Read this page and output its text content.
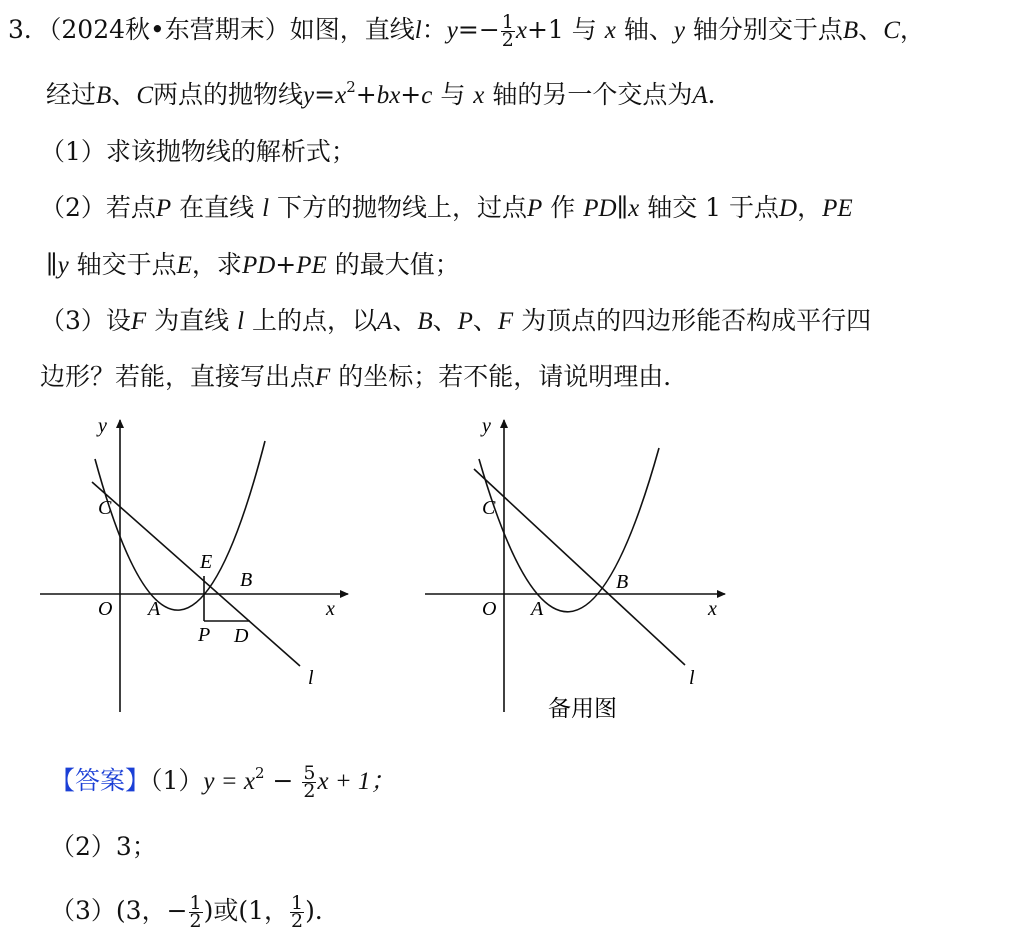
3．（2024秋•东营期末）如图，直线l：$y=- \frac{1}{2} x+1$ 与 x 轴、y 轴分别交于点B、C，
经过B、C两点的抛物线$y=x^2+bx+c$ 与 x 轴的另一个交点为A．
（1）求该抛物线的解析式；
（2）若点P 在直线 l 下方的抛物线上，过点P 作 PD∥x 轴交 1 于点D，PE
∥y 轴交于点E，求PD+PE 的最大值；
（3）设F 为直线 l 上的点，以A、B、P、F 为顶点的四边形能否构成平行四
边形？若能，直接写出点F 的坐标；若不能，请说明理由．
y
x
O
C
E
B
A
P D
l
y
x
O
C
B
A
l
备用图
【答案】$(1)y = x^2 - \frac{5}{2}$ x + 1；
（2）3；
（3）(3，− $\frac{1}{2}$ )或(1， $\frac{1}{2}$ )．
